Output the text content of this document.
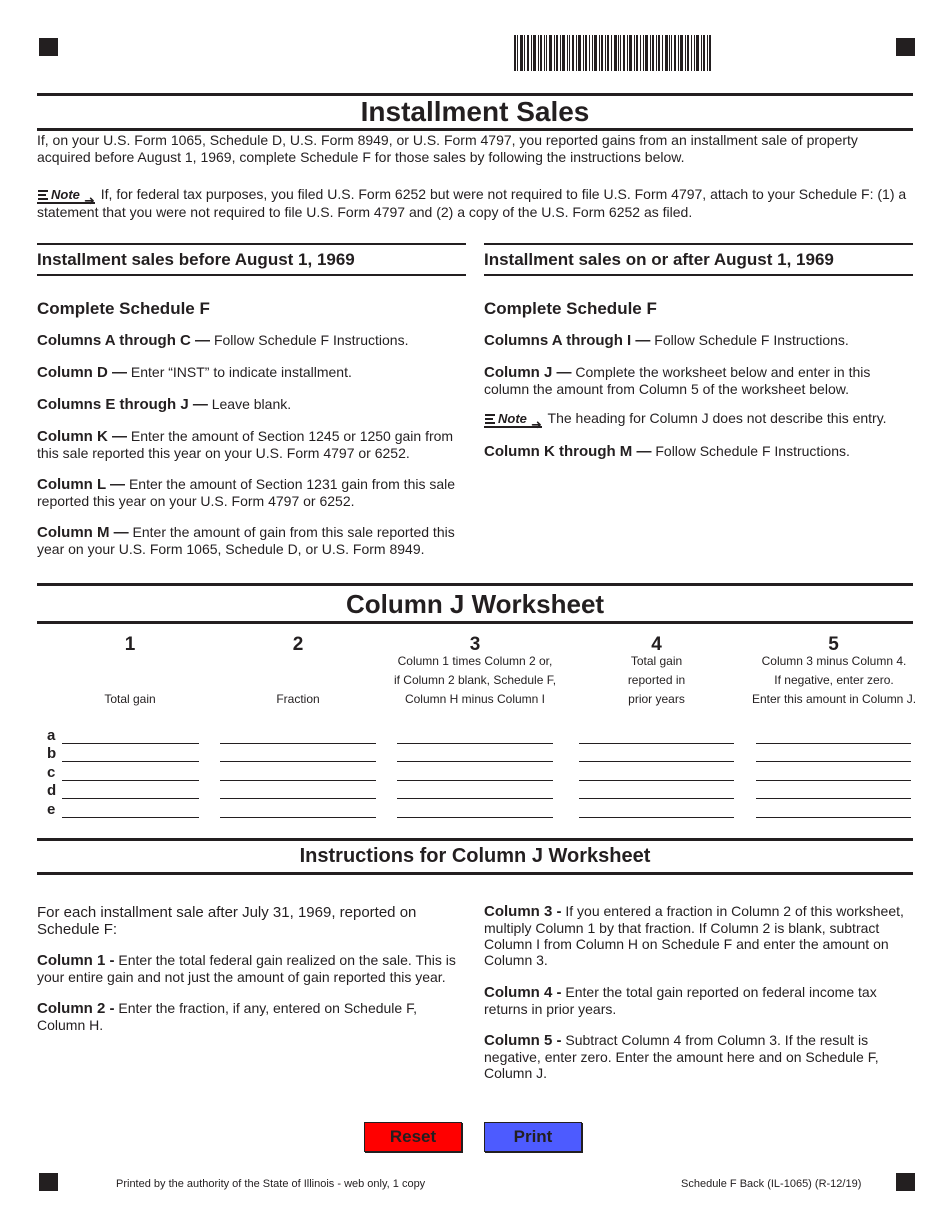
Installment Sales
If, on your U.S. Form 1065, Schedule D, U.S. Form 8949, or U.S. Form 4797, you reported gains from an installment sale of property acquired before August 1, 1969, complete Schedule F for those sales by following the instructions below.
Note ➜ If, for federal tax purposes, you filed U.S. Form 6252 but were not required to file U.S. Form 4797, attach to your Schedule F: (1) a statement that you were not required to file U.S. Form 4797 and (2) a copy of the U.S. Form 6252 as filed.
Installment sales before August 1, 1969
Complete Schedule F
Columns A through C — Follow Schedule F Instructions.
Column D — Enter “INST” to indicate installment.
Columns E through J — Leave blank.
Column K — Enter the amount of Section 1245 or 1250 gain from this sale reported this year on your U.S. Form 4797 or 6252.
Column L — Enter the amount of Section 1231 gain from this sale reported this year on your U.S. Form 4797 or 6252.
Column M — Enter the amount of gain from this sale reported this year on your U.S. Form 1065, Schedule D, or U.S. Form 8949.
Installment sales on or after August 1, 1969
Complete Schedule F
Columns A through I — Follow Schedule F Instructions.
Column J — Complete the worksheet below and enter in this column the amount from Column 5 of the worksheet below.
Note ➜ The heading for Column J does not describe this entry.
Column K through M — Follow Schedule F Instructions.
Column J Worksheet
1

Total gain
2

Fraction
3
Column 1 times Column 2 or,
if Column 2 blank, Schedule F,
Column H minus Column I
4
Total gain
reported in
prior years
5
Column 3 minus Column 4.
If negative, enter zero.
Enter this amount in Column J.
a
b
c
d
e
Instructions for Column J Worksheet
For each installment sale after July 31, 1969, reported on Schedule F:
Column 1 - Enter the total federal gain realized on the sale. This is your entire gain and not just the amount of gain reported this year.
Column 2 - Enter the fraction, if any, entered on Schedule F, Column H.
Column 3 - If you entered a fraction in Column 2 of this worksheet, multiply Column 1 by that fraction. If Column 2 is blank, subtract Column I from Column H on Schedule F and enter the amount on Column 3.
Column 4 - Enter the total gain reported on federal income tax returns in prior years.
Column 5 - Subtract Column 4 from Column 3. If the result is negative, enter zero. Enter the amount here and on Schedule F, Column J.
Reset	Print
Printed by the authority of the State of Illinois - web only, 1 copy	Schedule F Back (IL-1065) (R-12/19)
